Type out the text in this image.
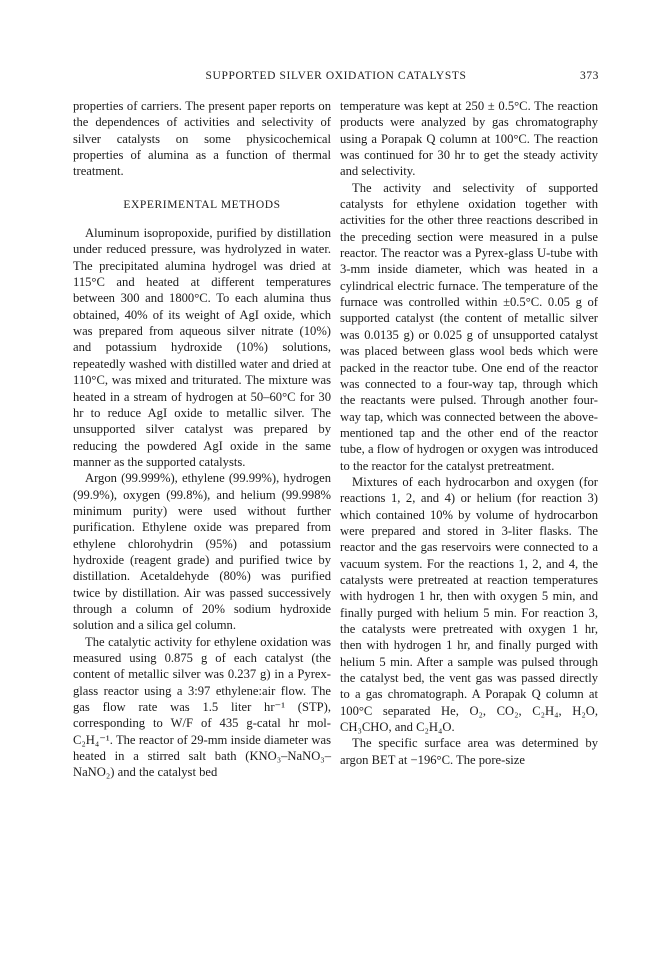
SUPPORTED SILVER OXIDATION CATALYSTS	373

properties of carriers. The present paper reports on the dependences of activities and selectivity of silver catalysts on some physicochemical properties of alumina as a function of thermal treatment.

EXPERIMENTAL METHODS

Aluminum isopropoxide, purified by distillation under reduced pressure, was hydrolyzed in water. The precipitated alumina hydrogel was dried at 115°C and heated at different temperatures between 300 and 1800°C. To each alumina thus obtained, 40% of its weight of AgI oxide, which was prepared from aqueous silver nitrate (10%) and potassium hydroxide (10%) solutions, repeatedly washed with distilled water and dried at 110°C, was mixed and triturated. The mixture was heated in a stream of hydrogen at 50–60°C for 30 hr to reduce AgI oxide to metallic silver. The unsupported silver catalyst was prepared by reducing the powdered AgI oxide in the same manner as the supported catalysts.

Argon (99.999%), ethylene (99.99%), hydrogen (99.9%), oxygen (99.8%), and helium (99.998% minimum purity) were used without further purification. Ethylene oxide was prepared from ethylene chlorohydrin (95%) and potassium hydroxide (reagent grade) and purified twice by distillation. Acetaldehyde (80%) was purified twice by distillation. Air was passed successively through a column of 20% sodium hydroxide solution and a silica gel column.

The catalytic activity for ethylene oxidation was measured using 0.875 g of each catalyst (the content of metallic silver was 0.237 g) in a Pyrex-glass reactor using a 3:97 ethylene:air flow. The gas flow rate was 1.5 liter hr⁻¹ (STP), corresponding to W/F of 435 g-catal hr mol-C₂H₄⁻¹. The reactor of 29-mm inside diameter was heated in a stirred salt bath (KNO₃–NaNO₃–NaNO₂) and the catalyst bed

temperature was kept at 250 ± 0.5°C. The reaction products were analyzed by gas chromatography using a Porapak Q column at 100°C. The reaction was continued for 30 hr to get the steady activity and selectivity.

The activity and selectivity of supported catalysts for ethylene oxidation together with activities for the other three reactions described in the preceding section were measured in a pulse reactor. The reactor was a Pyrex-glass U-tube with 3-mm inside diameter, which was heated in a cylindrical electric furnace. The temperature of the furnace was controlled within ±0.5°C. 0.05 g of supported catalyst (the content of metallic silver was 0.0135 g) or 0.025 g of unsupported catalyst was placed between glass wool beds which were packed in the reactor tube. One end of the reactor was connected to a four-way tap, through which the reactants were pulsed. Through another four-way tap, which was connected between the above-mentioned tap and the other end of the reactor tube, a flow of hydrogen or oxygen was introduced to the reactor for the catalyst pretreatment.

Mixtures of each hydrocarbon and oxygen (for reactions 1, 2, and 4) or helium (for reaction 3) which contained 10% by volume of hydrocarbon were prepared and stored in 3-liter flasks. The reactor and the gas reservoirs were connected to a vacuum system. For the reactions 1, 2, and 4, the catalysts were pretreated at reaction temperatures with hydrogen 1 hr, then with oxygen 5 min, and finally purged with helium 5 min. For reaction 3, the catalysts were pretreated with oxygen 1 hr, then with hydrogen 1 hr, and finally purged with helium 5 min. After a sample was pulsed through the catalyst bed, the vent gas was passed directly to a gas chromatograph. A Porapak Q column at 100°C separated He, O₂, CO₂, C₂H₄, H₂O, CH₃CHO, and C₂H₄O.

The specific surface area was determined by argon BET at −196°C. The pore-size
